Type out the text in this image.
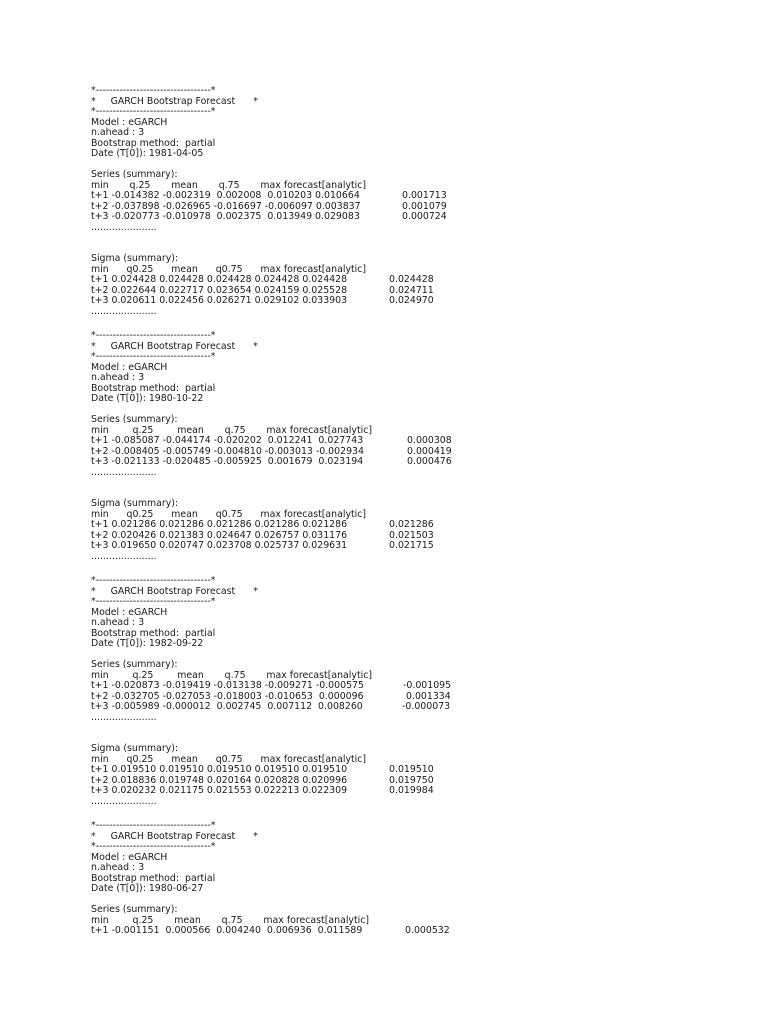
*----------------------------------*
*     GARCH Bootstrap Forecast      *
*----------------------------------*
Model : eGARCH
n.ahead : 3
Bootstrap method:  partial
Date (T[0]): 1981-04-05
Series (summary):
min       q.25       mean       q.75       max forecast[analytic]
t+1 -0.014382 -0.002319  0.002008  0.010203 0.010664	0.001713
t+2 -0.037898 -0.026965 -0.016697 -0.006097 0.003837	0.001079
t+3 -0.020773 -0.010978  0.002375  0.013949 0.029083	0.000724
......................
Sigma (summary):
min      q0.25      mean      q0.75      max forecast[analytic]
t+1 0.024428 0.024428 0.024428 0.024428 0.024428	0.024428
t+2 0.022644 0.022717 0.023654 0.024159 0.025528	0.024711
t+3 0.020611 0.022456 0.026271 0.029102 0.033903	0.024970
......................
*----------------------------------*
*     GARCH Bootstrap Forecast      *
*----------------------------------*
Model : eGARCH
n.ahead : 3
Bootstrap method:  partial
Date (T[0]): 1980-10-22
Series (summary):
min        q.25        mean       q.75       max forecast[analytic]
t+1 -0.085087 -0.044174 -0.020202  0.012241  0.027743	0.000308
t+2 -0.008405 -0.005749 -0.004810 -0.003013 -0.002934	0.000419
t+3 -0.021133 -0.020485 -0.005925  0.001679  0.023194	0.000476
......................
Sigma (summary):
min      q0.25      mean      q0.75      max forecast[analytic]
t+1 0.021286 0.021286 0.021286 0.021286 0.021286	0.021286
t+2 0.020426 0.021383 0.024647 0.026757 0.031176	0.021503
t+3 0.019650 0.020747 0.023708 0.025737 0.029631	0.021715
......................
*----------------------------------*
*     GARCH Bootstrap Forecast      *
*----------------------------------*
Model : eGARCH
n.ahead : 3
Bootstrap method:  partial
Date (T[0]): 1982-09-22
Series (summary):
min        q.25        mean       q.75       max forecast[analytic]
t+1 -0.020873 -0.019419 -0.013138 -0.009271 -0.000575	-0.001095
t+2 -0.032705 -0.027053 -0.018003 -0.010653  0.000096	0.001334
t+3 -0.005989 -0.000012  0.002745  0.007112  0.008260	-0.000073
......................
Sigma (summary):
min      q0.25      mean      q0.75      max forecast[analytic]
t+1 0.019510 0.019510 0.019510 0.019510 0.019510	0.019510
t+2 0.018836 0.019748 0.020164 0.020828 0.020996	0.019750
t+3 0.020232 0.021175 0.021553 0.022213 0.022309	0.019984
......................
*----------------------------------*
*     GARCH Bootstrap Forecast      *
*----------------------------------*
Model : eGARCH
n.ahead : 3
Bootstrap method:  partial
Date (T[0]): 1980-06-27
Series (summary):
min        q.25       mean       q.75       max forecast[analytic]
t+1 -0.001151  0.000566  0.004240  0.006936  0.011589	0.000532
